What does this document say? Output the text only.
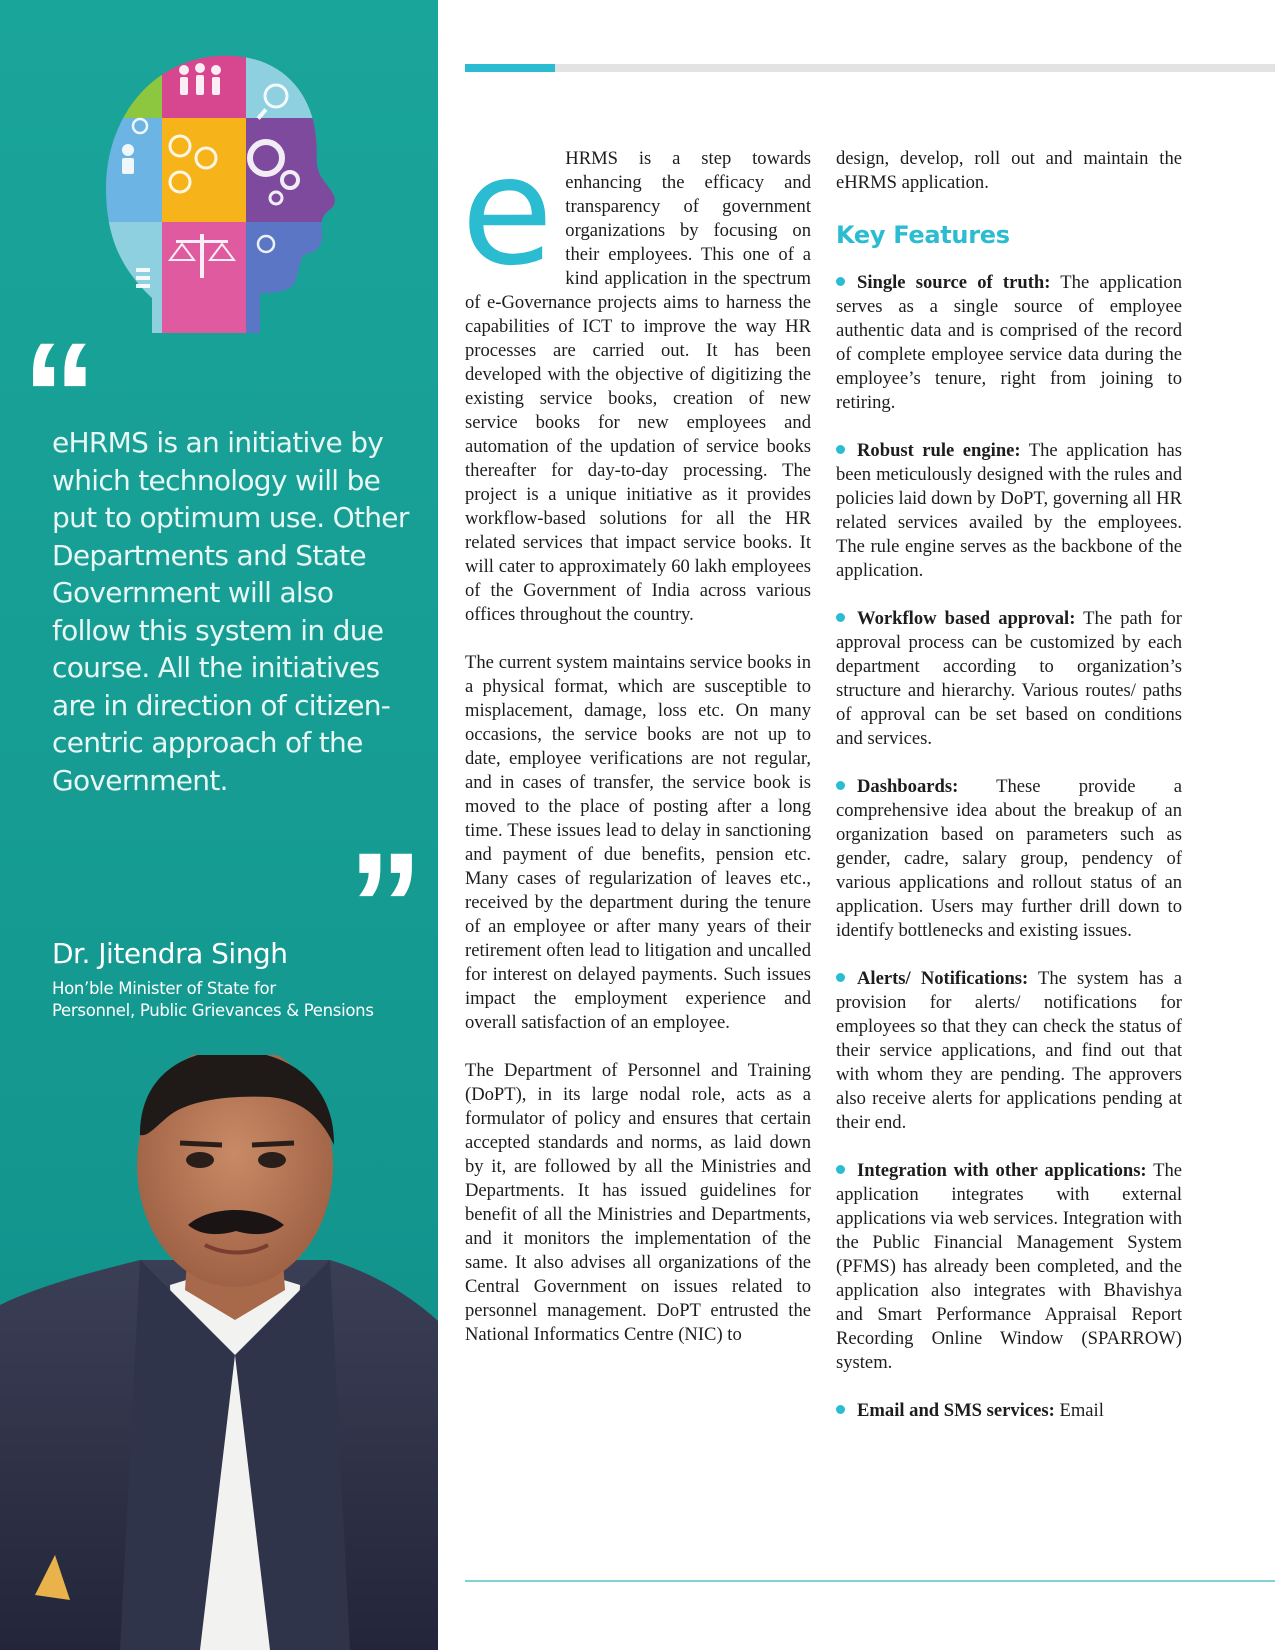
“

eHRMS is an initiative by which technology will be put to optimum use. Other Departments and State Government will also follow this system in due course. All the initiatives are in direction of citizen-centric approach of the Government.

”
Dr. Jitendra Singh

Hon’ble Minister of State for

Personnel, Public Grievances & Pensions

eHRMS is a step towards enhancing the efficacy and transparency of government organizations by focusing on their employees. This one of a kind application in the spectrum of e-Governance projects aims to harness the capabilities of ICT to improve the way HR processes are carried out. It has been developed with the objective of digitizing the existing service books, creation of new service books for new employees and automation of the updation of service books thereafter for day-to-day processing. The project is a unique initiative as it provides workflow-based solutions for all the HR related services that impact service books. It will cater to approximately 60 lakh employees of the Government of India across various offices throughout the country.

The current system maintains service books in a physical format, which are susceptible to misplacement, damage, loss etc. On many occasions, the service books are not up to date, employee verifications are not regular, and in cases of transfer, the service book is moved to the place of posting after a long time. These issues lead to delay in sanctioning and payment of due benefits, pension etc. Many cases of regularization of leaves etc., received by the department during the tenure of an employee or after many years of their retirement often lead to litigation and uncalled for interest on delayed payments. Such issues impact the employment experience and overall satisfaction of an employee.

The Department of Personnel and Training (DoPT), in its large nodal role, acts as a formulator of policy and ensures that certain accepted standards and norms, as laid down by it, are followed by all the Ministries and Departments. It has issued guidelines for benefit of all the Ministries and Departments, and it monitors the implementation of the same. It also advises all organizations of the Central Government on issues related to personnel management. DoPT entrusted the National Informatics Centre (NIC) to

design, develop, roll out and maintain the eHRMS application.

Key Features

Single source of truth: The application serves as a single source of employee authentic data and is comprised of the record of complete employee service data during the employee’s tenure, right from joining to retiring.

Robust rule engine: The application has been meticulously designed with the rules and policies laid down by DoPT, governing all HR related services availed by the employees. The rule engine serves as the backbone of the application.

Workflow based approval: The path for approval process can be customized by each department according to organization’s structure and hierarchy. Various routes/ paths of approval can be set based on conditions and services.

Dashboards: These provide a comprehensive idea about the breakup of an organization based on parameters such as gender, cadre, salary group, pendency of various applications and rollout status of an application. Users may further drill down to identify bottlenecks and existing issues.

Alerts/ Notifications: The system has a provision for alerts/ notifications for employees so that they can check the status of their service applications, and find out that with whom they are pending. The approvers also receive alerts for applications pending at their end.

Integration with other applications: The application integrates with external applications via web services. Integration with the Public Financial Management System (PFMS) has already been completed, and the application also integrates with Bhavishya and Smart Performance Appraisal Report Recording Online Window (SPARROW) system.

Email and SMS services: Email
